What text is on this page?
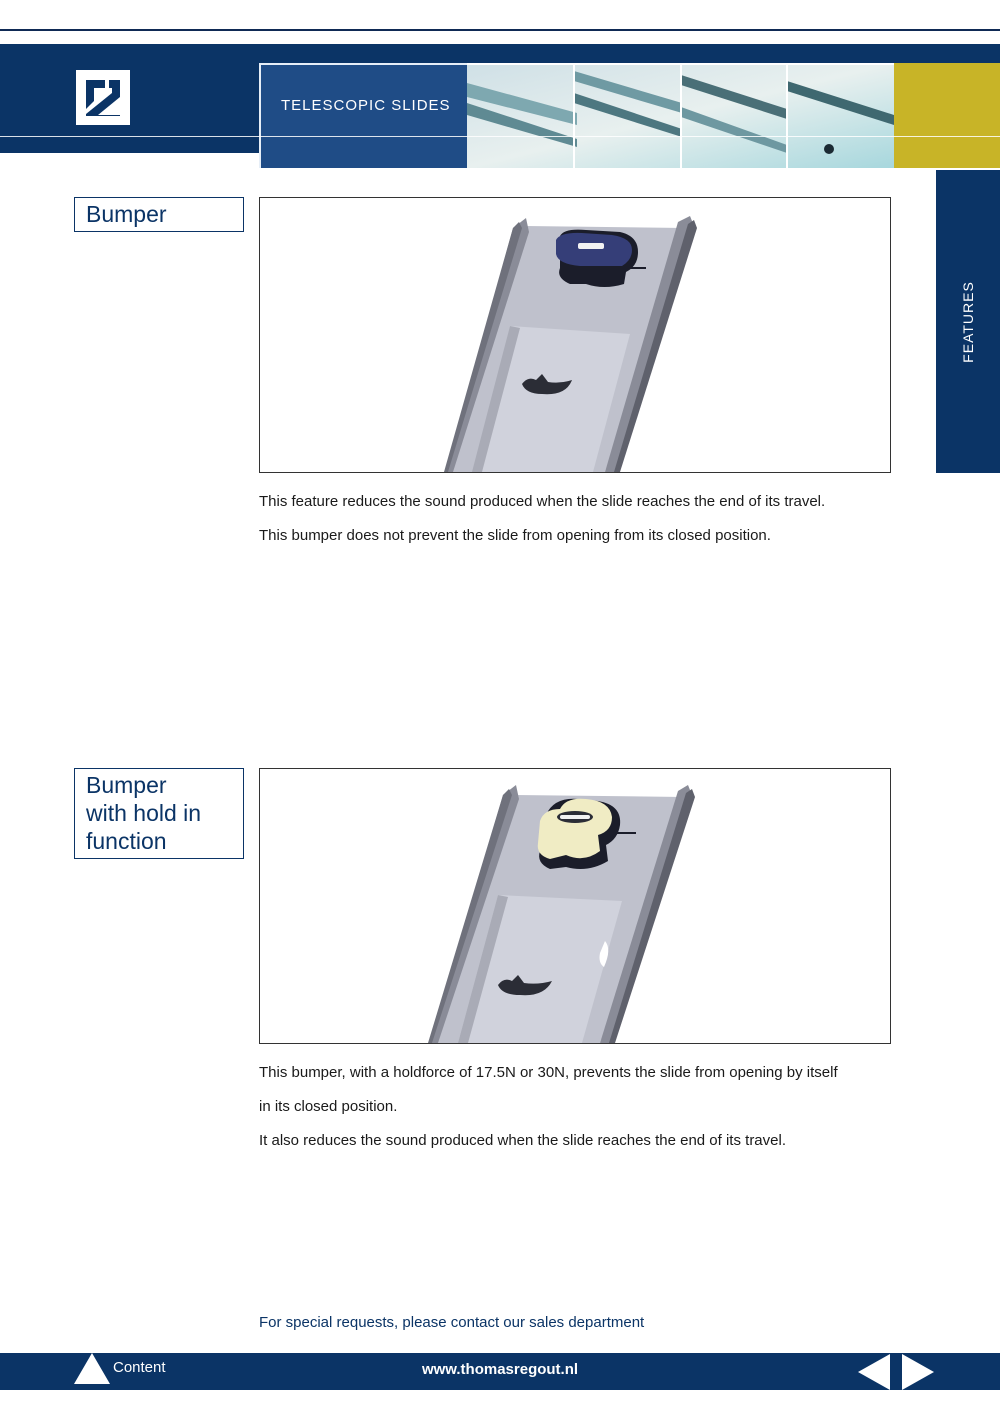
TELESCOPIC SLIDES
FEATURES
Bumper

This feature reduces the sound produced when the slide reaches the end of its travel.

This bumper does not prevent the slide from opening from its closed position.

Bumper
with hold in
function

This bumper, with a holdforce of 17.5N or 30N, prevents the slide from opening by itself

in its closed position.

It also reduces the sound produced when the slide reaches the end of its travel.

For special requests, please contact our sales department
Content	www.thomasregout.nl
